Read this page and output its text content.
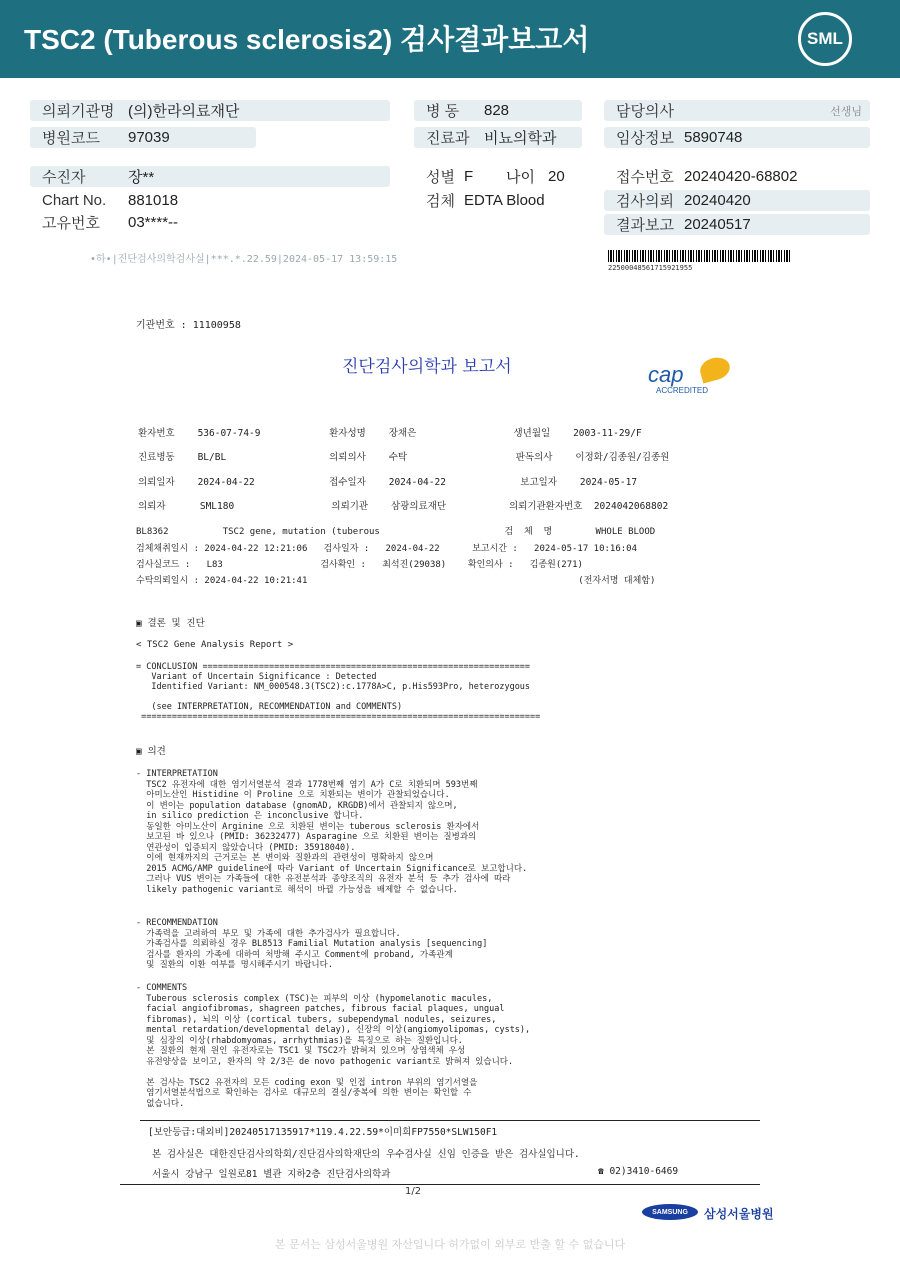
TSC2 (Tuberous sclerosis2) 검사결과보고서	SML
의뢰기관명 (의)한라의료재단
병원코드 97039
수진자	장**
Chart No. 881018
고유번호 03****--
병 동 828
진료과 비뇨의학과
성별 F 나이 20
검체 EDTA Blood
담당의사	선생님
임상정보 5890748
접수번호 20240420-68802
검사의뢰 20240420
결과보고 20240517
•하•|진단검사의학검사실|***.*.22.59|2024-05-17 13:59:15
22500048561715921955
기관번호 : 11100958
진단검사의학과 보고서	cap
ACCREDITED
환자번호    536-07-74-9            환자성명    장채은                 생년월일    2003-11-29/F
진료병동    BL/BL                  의뢰의사    수탁                   판독의사    이정화/김종원/김종원
의뢰일자    2024-04-22             접수일자    2024-04-22             보고일자    2024-05-17
의뢰자      SML180                 의뢰기관    삼광의료재단           의뢰기관환자번호  2024042068802
BL8362          TSC2 gene, mutation (tuberous                       검  체  명        WHOLE BLOOD
검체채취일시 : 2024-04-22 12:21:06   검사일자 :   2024-04-22      보고시간 :   2024-05-17 10:16:04
검사실코드 :   L83                  검사확인 :   최석진(29038)    확인의사 :   김종원(271)
수탁의뢰일시 : 2024-04-22 10:21:41                                                  (전자서명 대체함)
▣ 결론 및 진단
< TSC2 Gene Analysis Report >
= CONCLUSION ================================================================
Variant of Uncertain Significance : Detected
Identified Variant: NM_000548.3(TSC2):c.1778A>C, p.His593Pro, heterozygous

(see INTERPRETATION, RECOMMENDATION and COMMENTS)
==============================================================================
▣ 의견
- INTERPRETATION
TSC2 유전자에 대한 염기서열분석 결과 1778번째 염기 A가 C로 치환되며 593번째
아미노산인 Histidine 이 Proline 으로 치환되는 변이가 관찰되었습니다.
이 변이는 population database (gnomAD, KRGDB)에서 관찰되지 않으며,
in silico prediction 은 inconclusive 합니다.
동일한 아미노산이 Arginine 으로 치환된 변이는 tuberous sclerosis 환자에서
보고된 바 있으나 (PMID: 36232477) Asparagine 으로 치환된 변이는 질병과의
연관성이 입증되지 않았습니다 (PMID: 35918040).
이에 현재까지의 근거로는 본 변이와 질환과의 관련성이 명확하지 않으며
2015 ACMG/AMP guideline에 따라 Variant of Uncertain Significance로 보고합니다.
그러나 VUS 변이는 가족들에 대한 유전분석과 종양조직의 유전자 분석 등 추가 검사에 따라
likely pathogenic variant로 해석이 바뀔 가능성을 배제할 수 없습니다.
- RECOMMENDATION
가족력을 고려하여 부모 및 가족에 대한 추가검사가 필요합니다.
가족검사를 의뢰하실 경우 BL8513 Familial Mutation analysis [sequencing]
검사를 환자의 가족에 대하여 처방해 주시고 Comment에 proband, 가족관계
및 질환의 이환 여부를 명시해주시기 바랍니다.
- COMMENTS
Tuberous sclerosis complex (TSC)는 피부의 이상 (hypomelanotic macules,
facial angiofibromas, shagreen patches, fibrous facial plaques, ungual
fibromas), 뇌의 이상 (cortical tubers, subependymal nodules, seizures,
mental retardation/developmental delay), 신장의 이상(angiomyolipomas, cysts),
및 심장의 이상(rhabdomyomas, arrhythmias)을 특징으로 하는 질환입니다.
본 질환의 현재 원인 유전자로는 TSC1 및 TSC2가 밝혀져 있으며 상염색체 우성
유전양상을 보이고, 환자의 약 2/3은 de novo pathogenic variant로 밝혀져 있습니다.

본 검사는 TSC2 유전자의 모든 coding exon 및 인접 intron 부위의 염기서열을
염기서열분석법으로 확인하는 검사로 대규모의 결실/중복에 의한 변이는 확인할 수
없습니다.
[보안등급:대외비]20240517135917*119.4.22.59*이미희FP7550*SLW150F1
본 검사실은 대한진단검사의학회/진단검사의학재단의 우수검사실 신임 인증을 받은 검사실입니다.
서울시 강남구 일원로81 별관 지하2층 진단검사의학과	☎ 02)3410-6469
1/2
SAMSUNG	삼성서울병원
본 문서는 삼성서울병원 자산입니다 허가없이 외부로 반출 할 수 없습니다
